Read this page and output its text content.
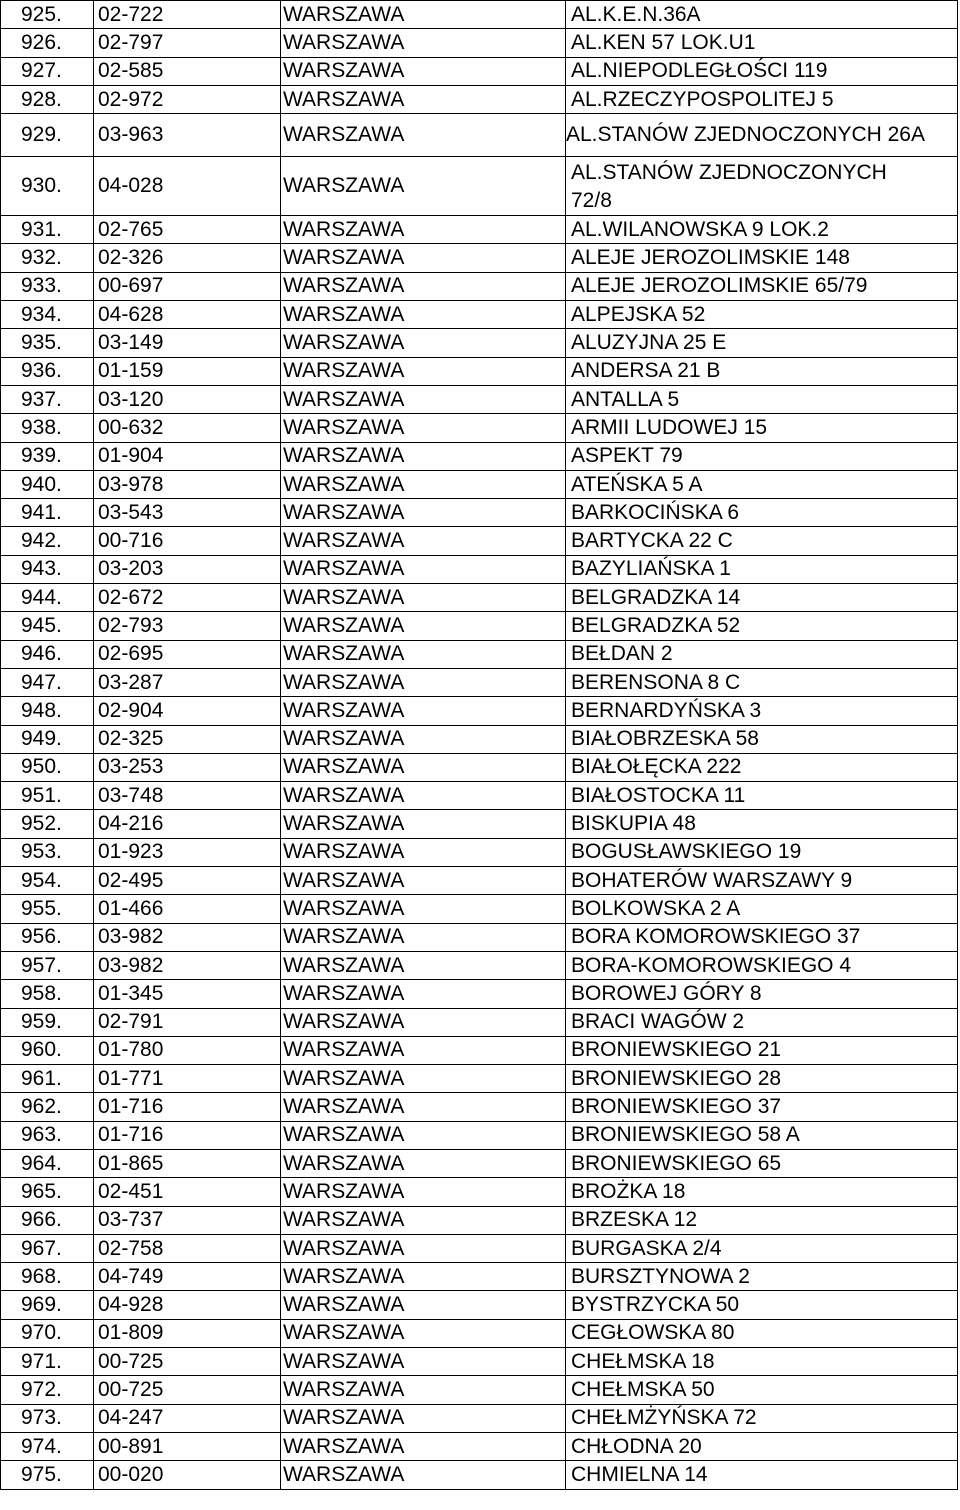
925.	02-722	WARSZAWA	AL.K.E.N.36A
926.	02-797	WARSZAWA	AL.KEN 57 LOK.U1
927.	02-585	WARSZAWA	AL.NIEPODLEGŁOŚCI 119
928.	02-972	WARSZAWA	AL.RZECZYPOSPOLITEJ 5
929.	03-963	WARSZAWA	AL.STANÓW ZJEDNOCZONYCH 26A
930.	04-028	WARSZAWA	AL.STANÓW ZJEDNOCZONYCH
72/8

931.	02-765	WARSZAWA	AL.WILANOWSKA 9 LOK.2
932.	02-326	WARSZAWA	ALEJE JEROZOLIMSKIE 148
933.	00-697	WARSZAWA	ALEJE JEROZOLIMSKIE 65/79
934.	04-628	WARSZAWA	ALPEJSKA 52
935.	03-149	WARSZAWA	ALUZYJNA 25 E
936.	01-159	WARSZAWA	ANDERSA 21 B
937.	03-120	WARSZAWA	ANTALLA 5
938.	00-632	WARSZAWA	ARMII LUDOWEJ 15
939.	01-904	WARSZAWA	ASPEKT 79
940.	03-978	WARSZAWA	ATEŃSKA 5 A
941.	03-543	WARSZAWA	BARKOCIŃSKA 6
942.	00-716	WARSZAWA	BARTYCKA 22 C
943.	03-203	WARSZAWA	BAZYLIAŃSKA 1
944.	02-672	WARSZAWA	BELGRADZKA 14
945.	02-793	WARSZAWA	BELGRADZKA 52
946.	02-695	WARSZAWA	BEŁDAN 2
947.	03-287	WARSZAWA	BERENSONA 8 C
948.	02-904	WARSZAWA	BERNARDYŃSKA 3
949.	02-325	WARSZAWA	BIAŁOBRZESKA 58
950.	03-253	WARSZAWA	BIAŁOŁĘCKA 222
951.	03-748	WARSZAWA	BIAŁOSTOCKA 11
952.	04-216	WARSZAWA	BISKUPIA 48
953.	01-923	WARSZAWA	BOGUSŁAWSKIEGO 19
954.	02-495	WARSZAWA	BOHATERÓW WARSZAWY 9
955.	01-466	WARSZAWA	BOLKOWSKA 2 A
956.	03-982	WARSZAWA	BORA KOMOROWSKIEGO 37
957.	03-982	WARSZAWA	BORA-KOMOROWSKIEGO 4
958.	01-345	WARSZAWA	BOROWEJ GÓRY 8
959.	02-791	WARSZAWA	BRACI WAGÓW 2
960.	01-780	WARSZAWA	BRONIEWSKIEGO 21
961.	01-771	WARSZAWA	BRONIEWSKIEGO 28
962.	01-716	WARSZAWA	BRONIEWSKIEGO 37
963.	01-716	WARSZAWA	BRONIEWSKIEGO 58 A
964.	01-865	WARSZAWA	BRONIEWSKIEGO 65
965.	02-451	WARSZAWA	BROŻKA 18
966.	03-737	WARSZAWA	BRZESKA 12
967.	02-758	WARSZAWA	BURGASKA 2/4
968.	04-749	WARSZAWA	BURSZTYNOWA 2
969.	04-928	WARSZAWA	BYSTRZYCKA 50
970.	01-809	WARSZAWA	CEGŁOWSKA 80
971.	00-725	WARSZAWA	CHEŁMSKA 18
972.	00-725	WARSZAWA	CHEŁMSKA 50
973.	04-247	WARSZAWA	CHEŁMŻYŃSKA 72
974.	00-891	WARSZAWA	CHŁODNA 20
975.	00-020	WARSZAWA	CHMIELNA 14
